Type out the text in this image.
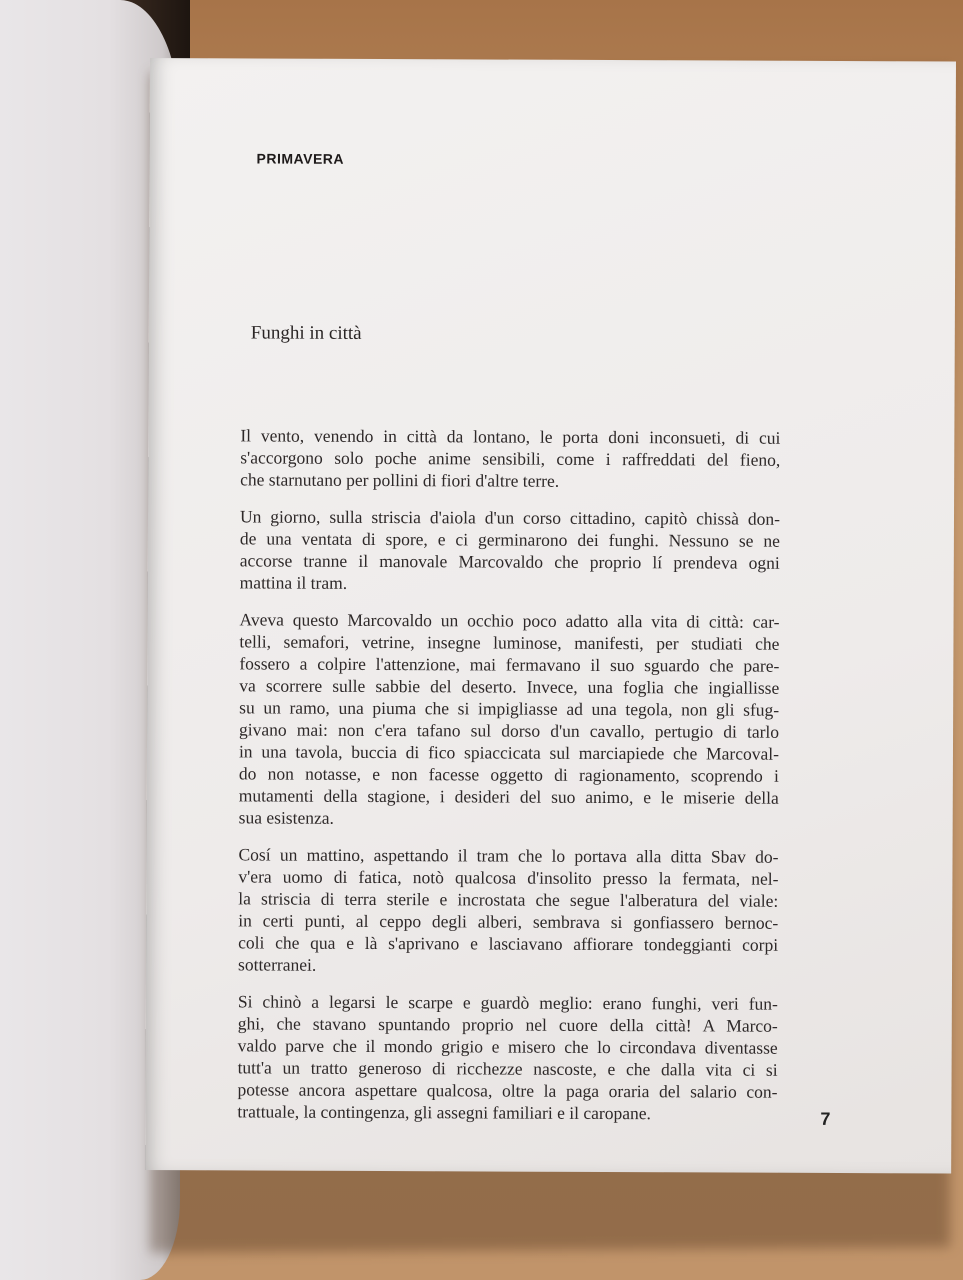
PRIMAVERA
Funghi in città

Il vento, venendo in città da lontano, le porta doni inconsueti, di cui
s'accorgono solo poche anime sensibili, come i raffreddati del fieno,
che starnutano per pollini di fiori d'altre terre.

Un giorno, sulla striscia d'aiola d'un corso cittadino, capitò chissà don-
de una ventata di spore, e ci germinarono dei funghi. Nessuno se ne
accorse tranne il manovale Marcovaldo che proprio lí prendeva ogni
mattina il tram.

Aveva questo Marcovaldo un occhio poco adatto alla vita di città: car-
telli, semafori, vetrine, insegne luminose, manifesti, per studiati che
fossero a colpire l'attenzione, mai fermavano il suo sguardo che pare-
va scorrere sulle sabbie del deserto. Invece, una foglia che ingiallisse
su un ramo, una piuma che si impigliasse ad una tegola, non gli sfug-
givano mai: non c'era tafano sul dorso d'un cavallo, pertugio di tarlo
in una tavola, buccia di fico spiaccicata sul marciapiede che Marcoval-
do non notasse, e non facesse oggetto di ragionamento, scoprendo i
mutamenti della stagione, i desideri del suo animo, e le miserie della
sua esistenza.

Cosí un mattino, aspettando il tram che lo portava alla ditta Sbav do-
v'era uomo di fatica, notò qualcosa d'insolito presso la fermata, nel-
la striscia di terra sterile e incrostata che segue l'alberatura del viale:
in certi punti, al ceppo degli alberi, sembrava si gonfiassero bernoc-
coli che qua e là s'aprivano e lasciavano affiorare tondeggianti corpi
sotterranei.

Si chinò a legarsi le scarpe e guardò meglio: erano funghi, veri fun-
ghi, che stavano spuntando proprio nel cuore della città! A Marco-
valdo parve che il mondo grigio e misero che lo circondava diventasse
tutt'a un tratto generoso di ricchezze nascoste, e che dalla vita ci si
potesse ancora aspettare qualcosa, oltre la paga oraria del salario con-
trattuale, la contingenza, gli assegni familiari e il caropane.	7
